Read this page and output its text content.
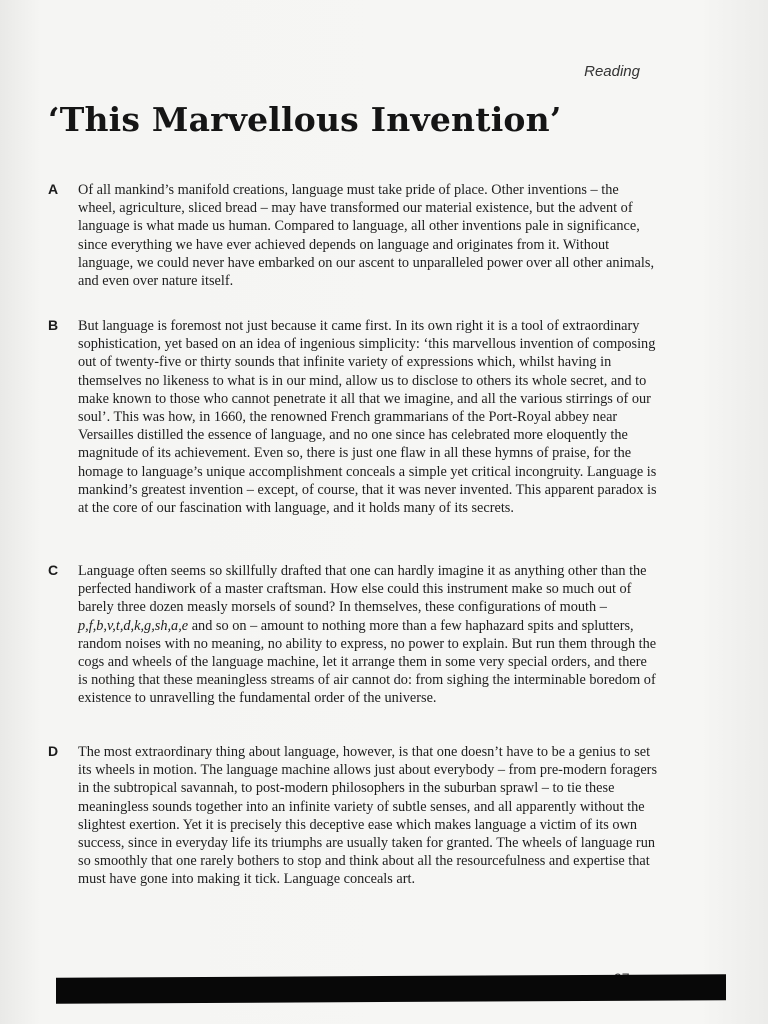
Reading
‘This Marvellous Invention’
A	Of all mankind’s manifold creations, language must take pride of place. Other inventions – the wheel, agriculture, sliced bread – may have transformed our material existence, but the advent of language is what made us human. Compared to language, all other inventions pale in significance, since everything we have ever achieved depends on language and originates from it. Without language, we could never have embarked on our ascent to unparalleled power over all other animals, and even over nature itself.

B	But language is foremost not just because it came first. In its own right it is a tool of extraordinary sophistication, yet based on an idea of ingenious simplicity: ‘this marvellous invention of composing out of twenty-five or thirty sounds that infinite variety of expressions which, whilst having in themselves no likeness to what is in our mind, allow us to disclose to others its whole secret, and to make known to those who cannot penetrate it all that we imagine, and all the various stirrings of our soul’. This was how, in 1660, the renowned French grammarians of the Port-Royal abbey near Versailles distilled the essence of language, and no one since has celebrated more eloquently the magnitude of its achievement. Even so, there is just one flaw in all these hymns of praise, for the homage to language’s unique accomplishment conceals a simple yet critical incongruity. Language is mankind’s greatest invention – except, of course, that it was never invented. This apparent paradox is at the core of our fascination with language, and it holds many of its secrets.

C	Language often seems so skillfully drafted that one can hardly imagine it as anything other than the perfected handiwork of a master craftsman. How else could this instrument make so much out of barely three dozen measly morsels of sound? In themselves, these configurations of mouth – p,f,b,v,t,d,k,g,sh,a,e and so on – amount to nothing more than a few haphazard spits and splutters, random noises with no meaning, no ability to express, no power to explain. But run them through the cogs and wheels of the language machine, let it arrange them in some very special orders, and there is nothing that these meaningless streams of air cannot do: from sighing the interminable boredom of existence to unravelling the fundamental order of the universe.

D	The most extraordinary thing about language, however, is that one doesn’t have to be a genius to set its wheels in motion. The language machine allows just about everybody – from pre-modern foragers in the subtropical savannah, to post-modern philosophers in the suburban sprawl – to tie these meaningless sounds together into an infinite variety of subtle senses, and all apparently without the slightest exertion. Yet it is precisely this deceptive ease which makes language a victim of its own success, since in everyday life its triumphs are usually taken for granted. The wheels of language run so smoothly that one rarely bothers to stop and think about all the resourcefulness and expertise that must have gone into making it tick. Language conceals art.
